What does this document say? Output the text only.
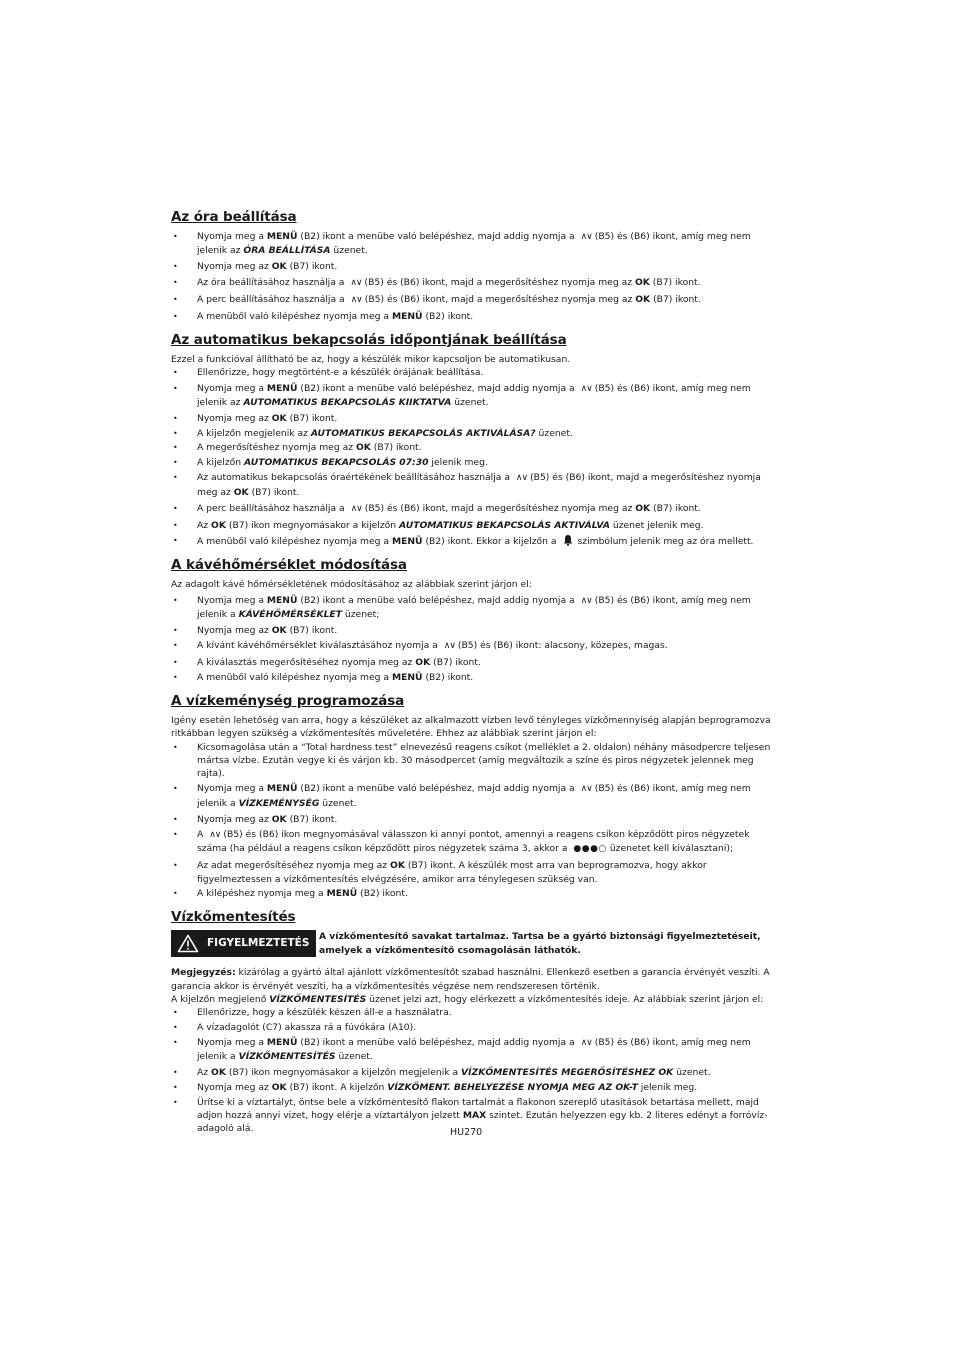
Az óra beállítása
• Nyomja meg a MENÜ (B2) ikont a menübe való belépéshez, majd addig nyomja a ∧∨ (B5) és (B6) ikont, amíg meg nem jelenik az ÓRA BEÁLLÍTÁSA üzenet.
• Nyomja meg az OK (B7) ikont.
• Az óra beállításához használja a ∧∨ (B5) és (B6) ikont, majd a megerősítéshez nyomja meg az OK (B7) ikont.
• A perc beállításához használja a ∧∨ (B5) és (B6) ikont, majd a megerősítéshez nyomja meg az OK (B7) ikont.
• A menüből való kilépéshez nyomja meg a MENÜ (B2) ikont.
Az automatikus bekapcsolás időpontjának beállítása

Ezzel a funkcióval állítható be az, hogy a készülék mikor kapcsoljon be automatikusan.

• Ellenőrizze, hogy megtörtént-e a készülék órájának beállítása.
• Nyomja meg a MENÜ (B2) ikont a menübe való belépéshez, majd addig nyomja a ∧∨ (B5) és (B6) ikont, amíg meg nem jelenik az AUTOMATIKUS BEKAPCSOLÁS KIIKTATVA üzenet.
• Nyomja meg az OK (B7) ikont.
• A kijelzőn megjelenik az AUTOMATIKUS BEKAPCSOLÁS AKTIVÁLÁSA? üzenet.
• A megerősítéshez nyomja meg az OK (B7) ikont.
• A kijelzőn AUTOMATIKUS BEKAPCSOLÁS 07:30 jelenik meg.
• Az automatikus bekapcsolás óraértékének beállításához használja a ∧∨ (B5) és (B6) ikont, majd a megerősítéshez nyomja meg az OK (B7) ikont.
• A perc beállításához használja a ∧∨ (B5) és (B6) ikont, majd a megerősítéshez nyomja meg az OK (B7) ikont.
• Az OK (B7) ikon megnyomásakor a kijelzőn AUTOMATIKUS BEKAPCSOLÁS AKTIVÁLVA üzenet jelenik meg.
• A menüből való kilépéshez nyomja meg a MENÜ (B2) ikont. Ekkor a kijelzőn a szimbólum jelenik meg az óra mellett.
A kávéhőmérséklet módosítása

Az adagolt kávé hőmérsékletének módosításához az alábbiak szerint járjon el:

• Nyomja meg a MENÜ (B2) ikont a menübe való belépéshez, majd addig nyomja a ∧∨ (B5) és (B6) ikont, amíg meg nem jelenik a KÁVÉHŐMÉRSÉKLET üzenet;
• Nyomja meg az OK (B7) ikont.
• A kívánt kávéhőmérséklet kiválasztásához nyomja a ∧∨ (B5) és (B6) ikont: alacsony, közepes, magas.
• A kiválasztás megerősítéséhez nyomja meg az OK (B7) ikont.
• A menüből való kilépéshez nyomja meg a MENÜ (B2) ikont.
A vízkeménység programozása

Igény esetén lehetőség van arra, hogy a készüléket az alkalmazott vízben levő tényleges vízkőmennyiség alapján beprogramozva ritkábban legyen szükség a vízkőmentesítés műveletére. Ehhez az alábbiak szerint járjon el:

• Kicsomagolása után a “Total hardness test” elnevezésű reagens csíkot (melléklet a 2. oldalon) néhány másodpercre teljesen mártsa vízbe. Ezután vegye ki és várjon kb. 30 másodpercet (amíg megváltozik a színe és piros négyzetek jelennek meg rajta).
• Nyomja meg a MENÜ (B2) ikont a menübe való belépéshez, majd addig nyomja a ∧∨ (B5) és (B6) ikont, amíg meg nem jelenik a VÍZKEMÉNYSÉG üzenet.
• Nyomja meg az OK (B7) ikont.
• A ∧∨ (B5) és (B6) ikon megnyomásával válasszon ki annyi pontot, amennyi a reagens csíkon képződött piros négyzetek száma (ha például a reagens csíkon képződött piros négyzetek száma 3, akkor a ●●●○ üzenetet kell kiválasztani);
• Az adat megerősítéséhez nyomja meg az OK (B7) ikont. A készülék most arra van beprogramozva, hogy akkor figyelmeztessen a vízkőmentesítés elvégzésére, amikor arra ténylegesen szükség van.
• A kilépéshez nyomja meg a MENÜ (B2) ikont.
Vízkőmentesítés
FIGYELMEZTETÉS
A vízkőmentesítő savakat tartalmaz. Tartsa be a gyártó biztonsági figyelmeztetéseit, amelyek a vízkőmentesítő csomagolásán láthatók.

Megjegyzés: kizárólag a gyártó által ajánlott vízkőmentesítőt szabad használni. Ellenkező esetben a garancia érvényét veszíti. A garancia akkor is érvényét veszíti, ha a vízkőmentesítés végzése nem rendszeresen történik.

A kijelzőn megjelenő VÍZKŐMENTESÍTÉS üzenet jelzi azt, hogy elérkezett a vízkőmentesítés ideje. Az alábbiak szerint járjon el:

• Ellenőrizze, hogy a készülék készen áll-e a használatra.
• A vízadagolót (C7) akassza rá a fúvókára (A10).
• Nyomja meg a MENÜ (B2) ikont a menübe való belépéshez, majd addig nyomja a ∧∨ (B5) és (B6) ikont, amíg meg nem jelenik a VÍZKŐMENTESÍTÉS üzenet.
• Az OK (B7) ikon megnyomásakor a kijelzőn megjelenik a VÍZKŐMENTESÍTÉS MEGERŐSÍTÉSHEZ OK üzenet.
• Nyomja meg az OK (B7) ikont. A kijelzőn VÍZKŐMENT. BEHELYEZÉSE NYOMJA MEG AZ OK-T jelenik meg.
• Ürítse ki a víztartályt, öntse bele a vízkőmentesítő flakon tartalmát a flakonon szereplő utasítások betartása mellett, majd adjon hozzá annyi vizet, hogy elérje a víztartályon jelzett MAX szintet. Ezután helyezzen egy kb. 2 literes edényt a forróvíz-adagoló alá.	HU270
